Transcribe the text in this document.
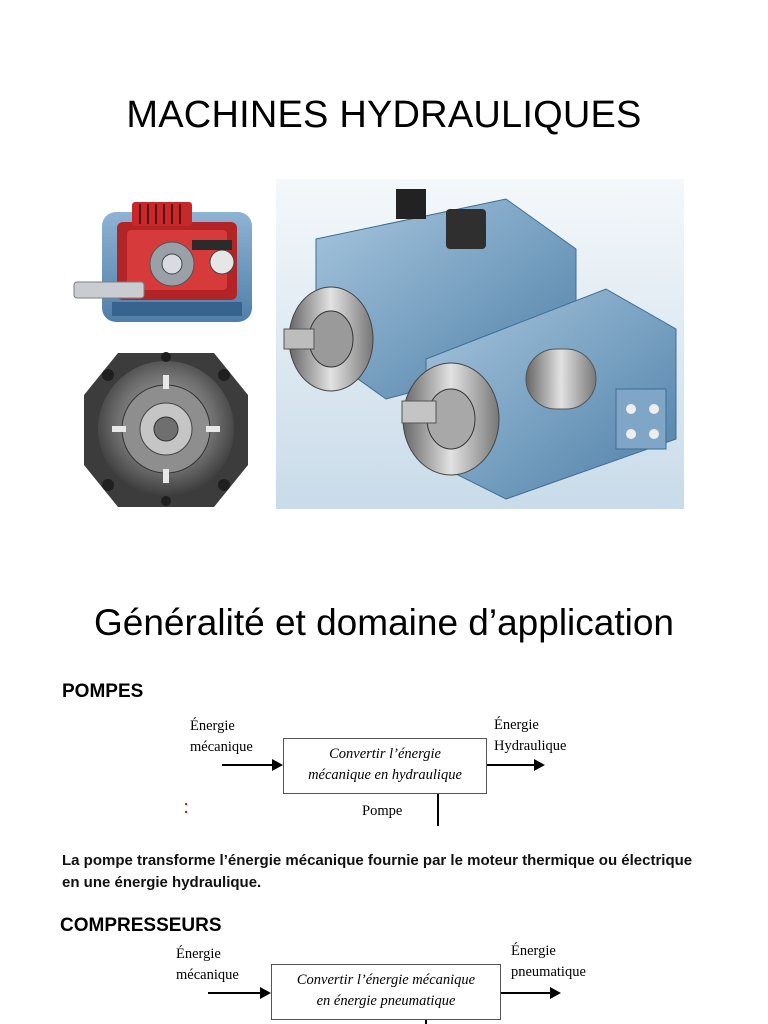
MACHINES HYDRAULIQUES
Généralité et domaine d’application
POMPES
Énergie
mécanique	Convertir l’énergie
mécanique en hydraulique
Énergie
Hydraulique
⠅	Pompe
La pompe transforme l’énergie mécanique fournie par le moteur thermique ou électrique en une énergie hydraulique.
COMPRESSEURS
Énergie
mécanique	Convertir l’énergie mécanique
en énergie pneumatique
Énergie
pneumatique
